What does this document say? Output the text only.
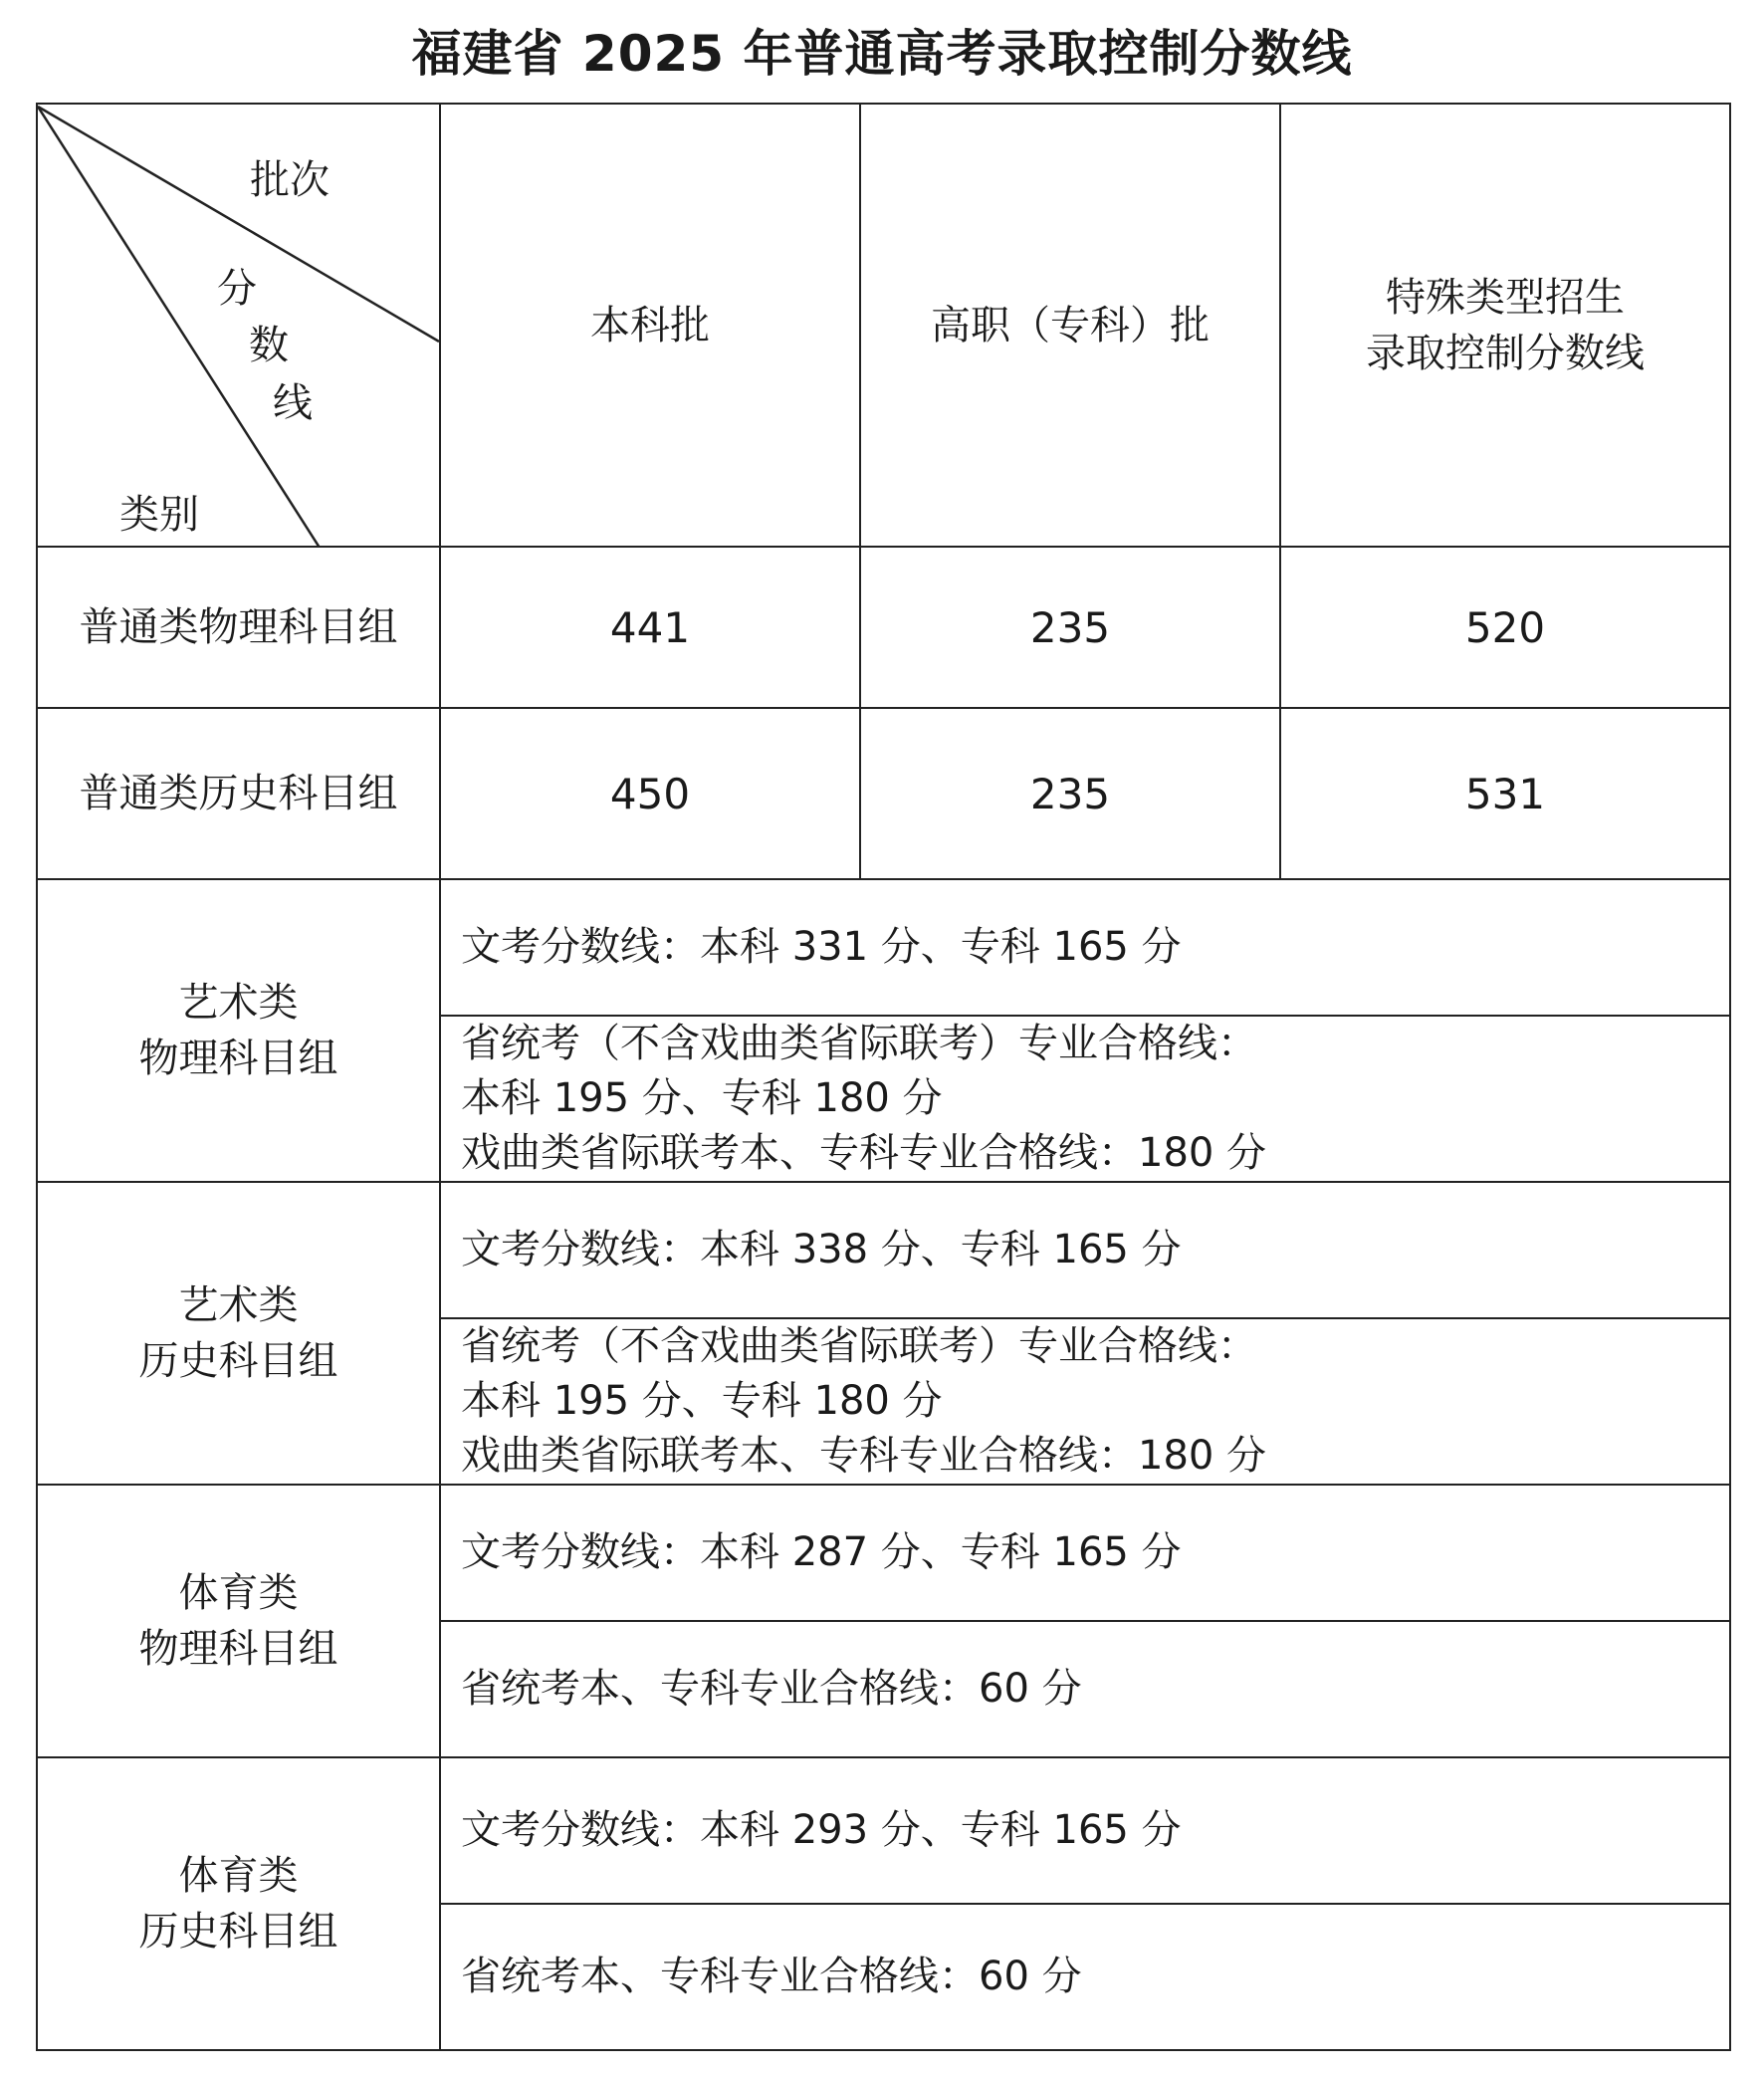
福建省 2025 年普通高考录取控制分数线
批次
分
数
线
类别	本科批	高职（专科）批	特殊类型招生
录取控制分数线

普通类物理科目组	441	235	520
普通类历史科目组	450	235	531

艺术类
物理科目组	文考分数线：本科 331 分、专科 165 分		

	省统考（不含戏曲类省际联考）专业合格线：
本科 195 分、专科 180 分
戏曲类省际联考本、专科专业合格线：180 分		

艺术类
历史科目组	文考分数线：本科 338 分、专科 165 分		

	省统考（不含戏曲类省际联考）专业合格线：
本科 195 分、专科 180 分
戏曲类省际联考本、专科专业合格线：180 分		

体育类
物理科目组	文考分数线：本科 287 分、专科 165 分		
	省统考本、专科专业合格线：60 分		

体育类
历史科目组	文考分数线：本科 293 分、专科 165 分		
	省统考本、专科专业合格线：60 分		
